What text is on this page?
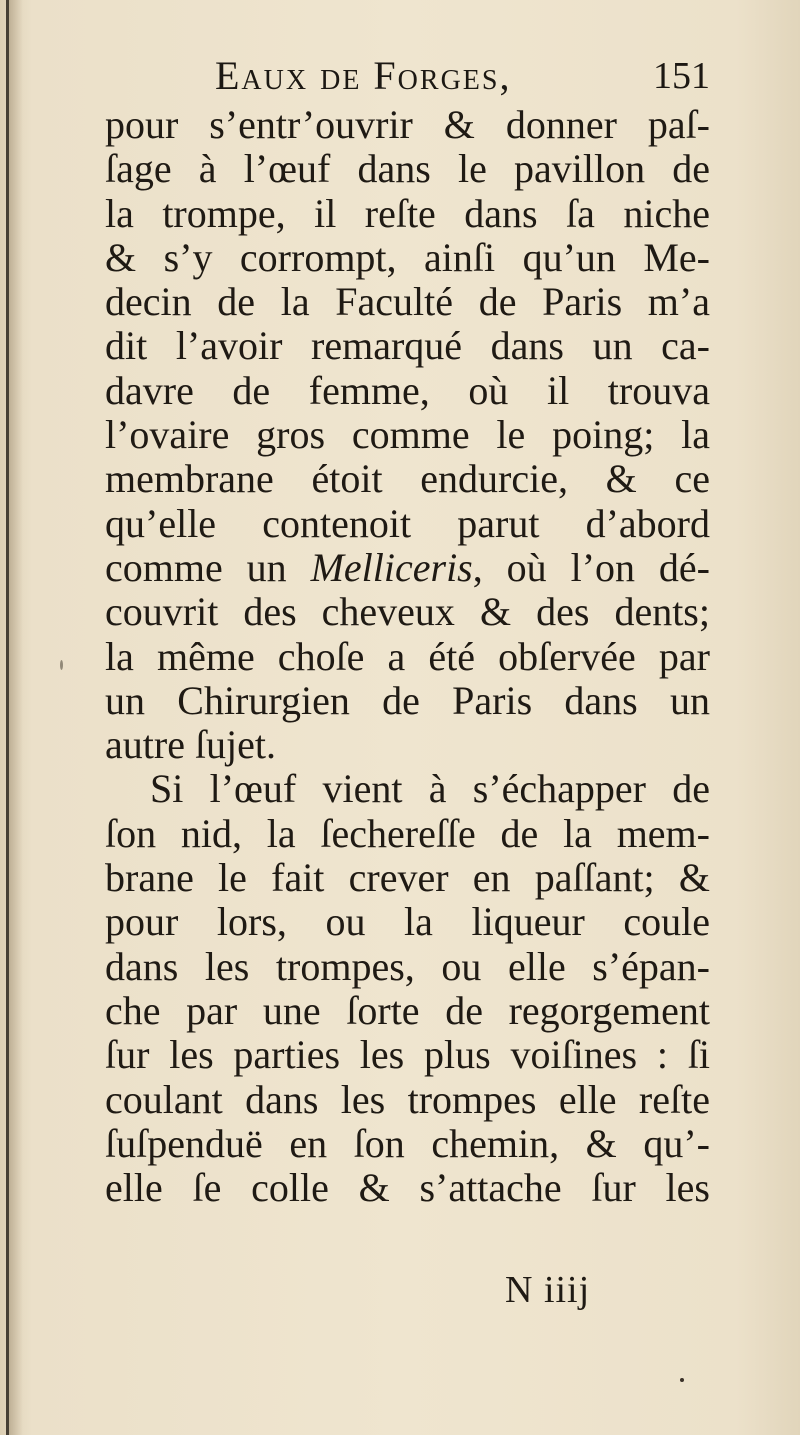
Eaux de Forges,	151
pour s’entr’ouvrir & donner paſ-
ſage à l’œuf dans le pavillon de
la trompe, il reſte dans ſa niche
& s’y corrompt, ainſi qu’un Me-
decin de la Faculté de Paris m’a
dit l’avoir remarqué dans un ca-
davre de femme, où il trouva
l’ovaire gros comme le poing; la
membrane étoit endurcie, & ce
qu’elle contenoit parut d’abord
comme un Melliceris, où l’on dé-
couvrit des cheveux & des dents;
la même choſe a été obſervée par
un Chirurgien de Paris dans un
autre ſujet.
Si l’œuf vient à s’échapper de
ſon nid, la ſechereſſe de la mem-
brane le fait crever en paſſant; &
pour lors, ou la liqueur coule
dans les trompes, ou elle s’épan-
che par une ſorte de regorgement
ſur les parties les plus voiſines : ſi
coulant dans les trompes elle reſte
ſuſpenduë en ſon chemin, & qu’-
elle ſe colle & s’attache ſur les
N iiij
